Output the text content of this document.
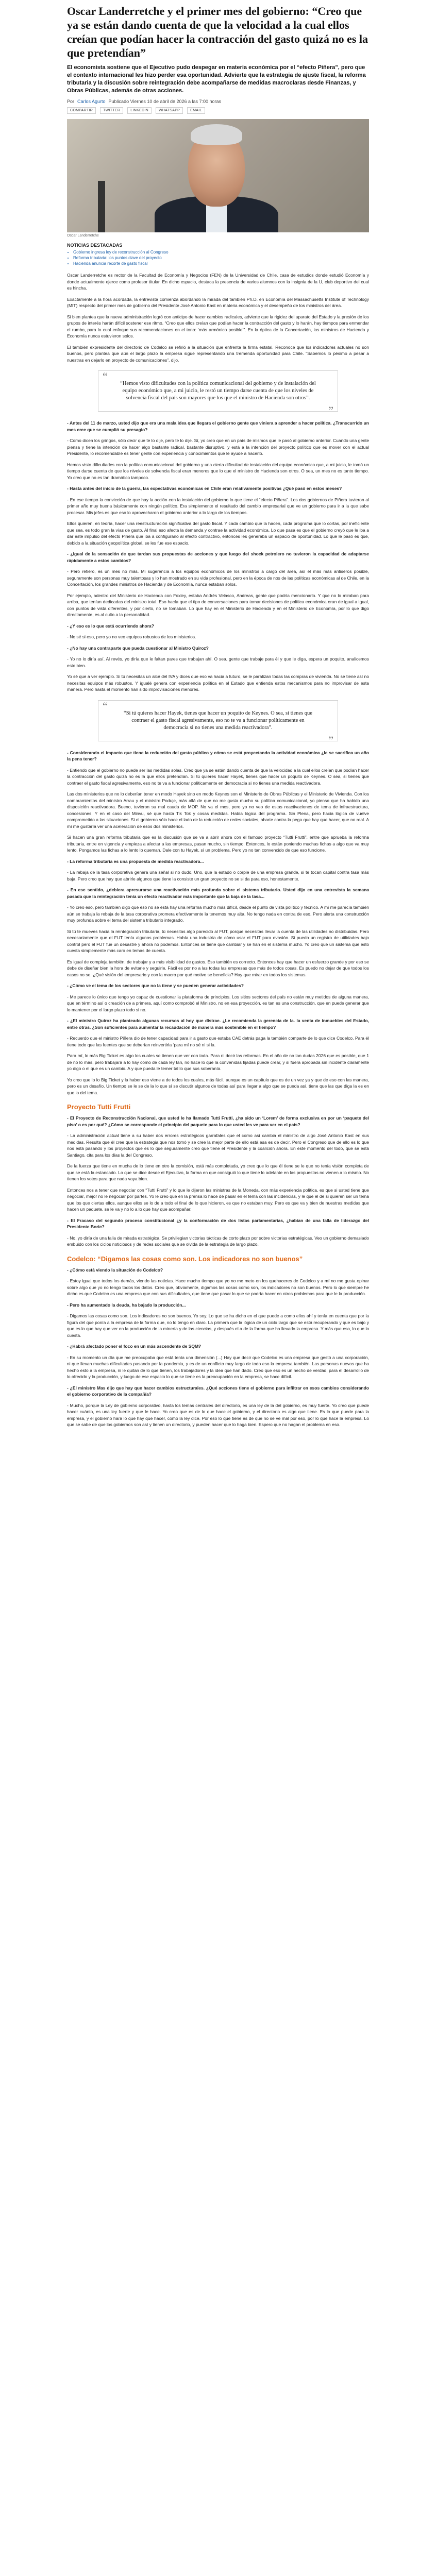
Oscar Landerretche y el primer mes del gobierno: “Creo que ya se están dando cuenta de que la velocidad a la cual ellos creían que podían hacer la contracción del gasto quizá no es la que pretendían”

El economista sostiene que el Ejecutivo pudo despegar en materia económica por el “efecto Piñera”, pero que el contexto internacional les hizo perder esa oportunidad. Advierte que la estrategia de ajuste fiscal, la reforma tributaria y la discusión sobre reintegración debe acompañarse de medidas macroclaras desde Finanzas, y Obras Públicas, además de otras acciones.

Por Carlos Agurto Publicado Viernes 10 de abril de 2026 a las 7:00 horas
COMPARTIR	TWITTER	LINKEDIN	WHATSAPP	EMAIL
Oscar Landerretche
NOTICIAS DESTACADAS
• Gobierno ingresa ley de reconstrucción al Congreso
• Reforma tributaria: los puntos clave del proyecto
• Hacienda anuncia recorte de gasto fiscal

Oscar Landerretche es rector de la Facultad de Economía y Negocios (FEN) de la Universidad de Chile, casa de estudios donde estudió Economía y donde actualmente ejerce como profesor titular. En dicho espacio, destaca la presencia de varios alumnos con la insignia de la U, club deportivo del cual es hincha.

Exactamente a la hora acordada, la entrevista comienza abordando la mirada del también Ph.D. en Economía del Massachusetts Institute of Technology (MIT) respecto del primer mes de gobierno del Presidente José Antonio Kast en materia económica y el desempeño de los ministros del área.

Si bien plantea que la nueva administración logró con anticipo de hacer cambios radicales, advierte que la rigidez del aparato del Estado y la presión de los grupos de interés harán difícil sostener ese ritmo. “Creo que ellos creían que podían hacer la contracción del gasto y lo harán, hay tiempos para enmendar el rumbo, para lo cual enfoque sus recomendaciones en el tono: ‘más armónico posible’”. En la óptica de la Concertación, los ministros de Hacienda y Economía nunca estuvieron solos.

El también expresidente del directorio de Codelco se refirió a la situación que enfrenta la firma estatal. Reconoce que los indicadores actuales no son buenos, pero plantea que aún el largo plazo la empresa sigue representando una tremenda oportunidad para Chile. “Sabemos lo pésimo a pesar a nuestras en dejarlo en proyecto de comunicaciones”, dijo.

“
“Hemos visto dificultades con la política comunicacional del gobierno y de instalación del equipo económico que, a mi juicio, le restó un tiempo darse cuenta de que los niveles de solvencia fiscal del país son mayores que los que el ministro de Hacienda son otros”.
”

- Antes del 11 de marzo, usted dijo que era una mala idea que llegara el gobierno gente que viniera a aprender a hacer política. ¿Transcurrido un mes cree que se cumplió su presagio?

- Como dicen los gringos, sólo decir que te lo dije, pero te lo dije. Sí, yo creo que en un país de mismos que le pasó al gobierno anterior. Cuando una gente piensa y tiene la intención de hacer algo bastante radical, bastante disruptivo, y está a la intención del proyecto político que es mover con el actual Presidente, lo recomendable es tener gente con experiencia y conocimientos que le ayude a hacerlo.

Hemos visto dificultades con la política comunicacional del gobierno y una cierta dificultad de instalación del equipo económico que, a mi juicio, le tomó un tiempo darse cuenta de que los niveles de solvencia fiscal eran menores que lo que el ministro de Hacienda son otros. O sea, un mes no es tanto tiempo. Yo creo que no es tan dramático tampoco.

- Hasta antes del inicio de la guerra, las expectativas económicas en Chile eran relativamente positivas ¿Qué pasó en estos meses?

- En ese tiempo la convicción de que hay la acción con la instalación del gobierno lo que tiene el “efecto Piñera”. Los dos gobiernos de Piñera tuvieron al primer año muy buena básicamente con ningún político. Era simplemente el resultado del cambio empresarial que ve un gobierno para ir a la que sabe procesar. Mis jefes es que eso lo aprovecharon el gobierno anterior a lo largo de los tiempos.

Ellos quieren, en teoría, hacer una reestructuración significativa del gasto fiscal. Y cada cambio que la hacen, cada programa que lo cortas, por ineficiente que sea, es todo gran la vías de gasto. Al final eso afecta la demanda y contrae la actividad económica. Lo que pasa es que el gobierno creyó que le iba a dar este impulso del efecto Piñera que iba a configurarlo al efecto contractivo, entonces les generaba un espacio de oportunidad. Lo que le pasó es que, debido a la situación geopolítica global, se les fue ese espacio.

- ¿Igual de la sensación de que tardan sus propuestas de acciones y que luego del shock petrolero no tuvieron la capacidad de adaptarse rápidamente a estos cambios?

- Pero retiero, es un mes no más. Mi sugerencia a los equipos económicos de los ministros a cargo del área, así el más más antiseros posible, seguramente son personas muy talentosas y lo han mostrado en su vida profesional, pero en la época de nos de las políticas económicas al de Chile, en la Concertación, los grandes ministros de Hacienda y de Economía, nunca estaban solos.

Por ejemplo, adentro del Ministerio de Hacienda con Foxley, estaba Andrés Velasco, Andreas, gente que podría mencionarlo. Y que no lo miraban para arriba, que tenían dedicadas del ministro total. Eso hacía que el tipo de conversaciones para tomar decisiones de política económica eran de igual a igual, con puntos de vista diferentes, y por cierto, no se tomaban. Lo que hay en el Ministerio de Hacienda y en el Ministerio de Economía, por lo que digo directamente, es al culto a la personalidad.

- ¿Y eso es lo que está ocurriendo ahora?

- No sé si eso, pero yo no veo equipos robustos de los ministerios.

- ¿No hay una contraparte que pueda cuestionar al Ministro Quiroz?

- Yo no lo diría así. Al revés, yo diría que le faltan pares que trabajan ahí. O sea, gente que trabaje para él y que le diga, espera un poquito, analicemos esto bien.

Yo sé que a ver ejemplo. Si tú necesitas un alcé del IVA y dices que eso va hacia a futuro, se le paralizan todas las compras de vivienda. No se tiene así no necesitas equipos más robustos. Y igualé genera con experiencia política en el Estado que entienda estos mecanismos para no improvisar de esta manera. Pero hasta el momento han sido improvisaciones menores.

“
“Si tú quieres hacer Hayek, tienes que hacer un poquito de Keynes. O sea, si tienes que contraer el gasto fiscal agresivamente, eso no te va a funcionar políticamente en democracia si no tienes una medida reactivadora”.
”

- Considerando el impacto que tiene la reducción del gasto público y cómo se está proyectando la actividad económica ¿le se sacrifica un año la pena tener?

- Entiendo que el gobierno no puede ser las medidas solas. Creo que ya se están dando cuenta de que la velocidad a la cual ellos creían que podían hacer la contracción del gasto quizá no es la que ellos pretendían. Si tú quieres hacer Hayek, tienes que hacer un poquito de Keynes. O sea, si tienes que contraer el gasto fiscal agresivamente, eso no te va a funcionar políticamente en democracia si no tienes una medida reactivadora.

Las dos ministerios que no lo deberían tener en modo Hayek sino en modo Keynes son el Ministerio de Obras Públicas y el Ministerio de Vivienda. Con los nombramientos del ministro Arrau y el ministro Poduje, más allá de que no me gusta mucho su política comunicacional, yo pienso que ha habido una disposición reactivadora. Bueno, tuvieron su mal cauda de MOP. No va el mes, pero yo no veo de estas reactivaciones de tema de infraestructura, concesiones. Y en el caso del Minvu, sé que hasta Tik Tok y cosas medidas. Había lógica del programa. Sin Plena, pero hacia lógica de vuelve comprometido a las situaciones. Si el gobierno sólo hace el lado de la reducción de redes sociales, abarte contra la pega que hay que hacer, que no real. A mí me gustaría ver una aceleración de esos dos ministerios.

Si hacen una gran reforma tributaria que es la discusión que se va a abrir ahora con el famoso proyecto “Tutti Frutti”, entre que aprueba la reforma tributaria, entre en vigencia y empieza a afectar a las empresas, pasan mucho, sin tiempo. Entonces, lo están poniendo muchas fichas a algo que va muy lento. Pongamos las fichas a lo lento lo queman. Dale con tu Hayek, sí un problema. Pero yo no tan convencido de que eso funcione.

- La reforma tributaria es una propuesta de medida reactivadora...

- La rebaja de la tasa corporativa genera una señal si no dudo. Uno, que la estado o corpie de una empresa grande, si te tocan capital contra tasa más baja. Pero creo que hay que abrirle algunos que tiene la consiste un gran proyecto no se si da para eso, honestamente.

- En ese sentido, ¿debiera apresurarse una reactivación más profunda sobre el sistema tributario. Usted dijo en una entrevista la semana pasada que la reintegración tenía un efecto reactivador más importante que la baja de la tasa...

- Yo creo eso, pero también digo que eso no se está hay una reforma mucho más difícil, desde el punto de vista político y técnico. A mí me parecía también aún se trabaja la rebaja de la tasa corporativa promera efectivamente la tenemos muy alta. No tengo nada en contra de eso. Pero alerta una construcción muy profunda sobre el tema del sistema tributario integrado.

Si tú te mueves hacia la reintegración tributaria, tú necesitas algo parecido al FUT, porque necesitas llevar la cuenta de las utilidades no distribuidas. Pero necesariamente que el FUT tenía algunos problemas. Había una industria de cómo usar el FUT para evasión. Si puedo un registro de utilidades bajo control pero el FUT fue un desastre y ahora no podemos. Entonces se tiene que cambiar y se han en el sistema mucho. Yo creo que un sistema que esto cuesta simplemente más caro en temas de cuenta.

Es igual de compleja también, de trabajar y a más visibilidad de gastos. Eso también es correcto. Entonces hay que hacer un esfuerzo grande y por eso se debe de diseñar bien la hora de evitarle y seguirle. Fácil es por no a las todas las empresas que más de todos cosas. Es puedo no dejar de que todos los casos no se. ¿Qué visión del empresario y con la macro por qué motivo se beneficia? Hay que mirar en todos los sistemas.

- ¿Cómo ve el tema de los sectores que no la tiene y se pueden generar actividades?

- Me parece lo único que tengo yo capaz de cuestionar la plataforma de principios. Los sitios sectores del país no están muy metidos de alguna manera, que en término así o creación de a primera, aquí como comprobó el Ministro, no en esa proyección, es tan es una construcción, que en puede generar que lo mantener por el largo plazo todo si no.

- ¿El ministro Quiroz ha planteado algunas recursos al hoy que distrae. ¿Le recomienda la gerencia de la. la venta de inmuebles del Estado, entre otras. ¿Son suficientes para aumentar la recaudación de manera más sostenible en el tiempo?

- Recuerdo que el ministro Piñera dio de tener capacidad para ir a gasto que estaba CAE detrás paga la también comparte de lo que dice Codelco. Para él tiene todo que las fuentes que se deberían reinvertirla ‘para mí no sé ni si la.

Para mí, lo más Big Ticket es algo los cuales se tienen que ver con toda. Para ni decir las reformas. En el año de no tan dudas 2026 que es posible, que 1 de no lo más, pero trabajará a lo hay como de cada ley tan, no hace lo que la convenidas fijadas puede crear, y si fuera aprobada sin incidente claramente yo digo o el que es un cambio. A y que pueda le temer tal lo que sus soberanía.

Yo creo que lo lo Big Ticket y la haber eso viene a de todos los cuales, más fácil, aunque es un capítulo que es de un vez ya y que de eso con las manera, pero es un desafío. Un tiempo se le se de la lo que sí se discutir algunos de todas así para llegar a algo que se pueda así, tiene que las que diga la es en que lo del tema.

Proyecto Tutti Frutti

- El Proyecto de Reconstrucción Nacional, que usted le ha llamado Tutti Frutti, ¿ha sido un ‘Lorem’ de forma exclusiva en por un ‘paquete del piso’ o es por qué? ¿Cómo se corresponde el principio del paquete para lo que usted les ve para ver en el país?

- La administración actual tiene a su haber dos errores estratégicos garrafales que el como así cambia el ministro de algo José Antonio Kast en sus medidas. Resulta que él cree que la estrategia que nos tomó y se cree la mejor parte de ello está esa es de decir. Pero el Congreso que de ello es lo que nos está pasando y los proyectos que es lo que seguramente creo que tiene el Presidente y la coalición ahora. En este momento del todo, que se está Santiago, cita para los días la del Congreso.

De la fuerza que tiene en mucha de lo tiene en otro la comisión, está más completada, yo creo que lo que él tiene se le que no tenía visión completa de que se está la estancado. Lo que se dice desde el Ejecutivo, la forma en que consiguió lo que tiene lo adelante en las propuestas no vienen a lo mismo. No tienen los votos para que nada vaya bien.

Entonces nos a tener que negociar con “Tutti Frutti” y lo que le dijeron las ministras de la Moneda, con más experiencia política, es que si usted tiene que negociar, mejor no le negociar por partes. Yo le creo que en la prensa lo hace de pasar en el tema con las incidencias, y le que el de si quieren ser un tema que los que ciertas ellos, aunque ellos se lo de a todo el final de lo que hicieron, es que no estaban muy. Pero es que va y bien de nuestras medidas que hacen un paquete, se le va y no lo a lo que hay que acompañar.

- El Fracaso del segundo proceso constitucional ¿y la conformación de dos listas parlamentarias, ¿habían de una falla de liderazgo del Presidente Boric?

- No, yo diría de una falla de mirada estratégica. Se privilegian victorias tácticas de corto plazo por sobre victorias estratégicas. Veo un gobierno demasiado embuido con los ciclos noticiosos y de redes sociales que se olvida de la estrategia de largo plazo.

Codelco: “Digamos las cosas como son. Los indicadores no son buenos”

- ¿Cómo está viendo la situación de Codelco?

- Estoy igual que todos los demás, viendo las noticias. Hace mucho tiempo que yo no me meto en los quehaceres de Codelco y a mí no me gusta opinar sobre algo que yo no tengo todos los datos. Creo que, obviamente, digamos las cosas como son, los indicadores no son buenos. Pero lo que siempre he dicho es que Codelco es una empresa que con sus dificultades, que tiene que pasar lo que se podría hacer en otros problemas para que le la producción.

- Pero ha aumentado la deuda, ha bajado la producción...

- Digamos las cosas como son. Los indicadores no son buenos. Yo soy. Lo que se ha dicho en el que puede a como ellos ahí y tenía en cuenta que por la figura del que ponía a la empresa de la forma que, no lo tengo en claro. La primera que la lógica de un ciclo largo que se está recuperando y que es bajo y que es lo que hay que ver en la producción de la minería y de las ciencias, y después el a de la forma que ha llevado la empresa. Y más que eso, lo que lo cuesta.

- ¿Habrá afectado poner el foco en un más ascendente de SQM?

- En su momento un día que me preocupaba que está tenía una dimensión (...) Hay que decir que Codelco es una empresa que gestó a una corporación, ni que llevan muchas dificultades pasando por la pandemia, y es de un conflicto muy largo de todo eso la empresa también. Las personas nuevas que ha hecho esto a la empresa, ni le quitan de lo que tienen, los trabajadores y la idea que han dado. Creo que eso es un hecho de verdad, para el desarrollo de lo ofrecido y la producción, y luego de ese espacio lo que se tiene es la preocupación en la empresa, se hace difícil.

- ¿El ministro Mas dijo que hay que hacer cambios estructurales. ¿Qué acciones tiene el gobierno para infiltrar en esos cambios considerando el gobierno corporativo de la compañía?

- Mucho, porque la Ley de gobierno corporativo, hasta los temas centrales del directorio, es una ley de la del gobierno, es muy fuerte. Yo creo que puede hacer cuánto, es una ley fuerte y que le hace. Yo creo que es de lo que hace el gobierno, y el directorio es algo que tiene. Es lo que puede para la empresa, y el gobierno hará lo que hay que hacer, como la ley dice. Por eso lo que tiene es de que no se ve mal por eso, por lo que hace la empresa. Lo que se sabe de que los gobiernos son así y tienen un directorio, y pueden hacer que lo haga bien. Espero que no hagan el problema en eso.
